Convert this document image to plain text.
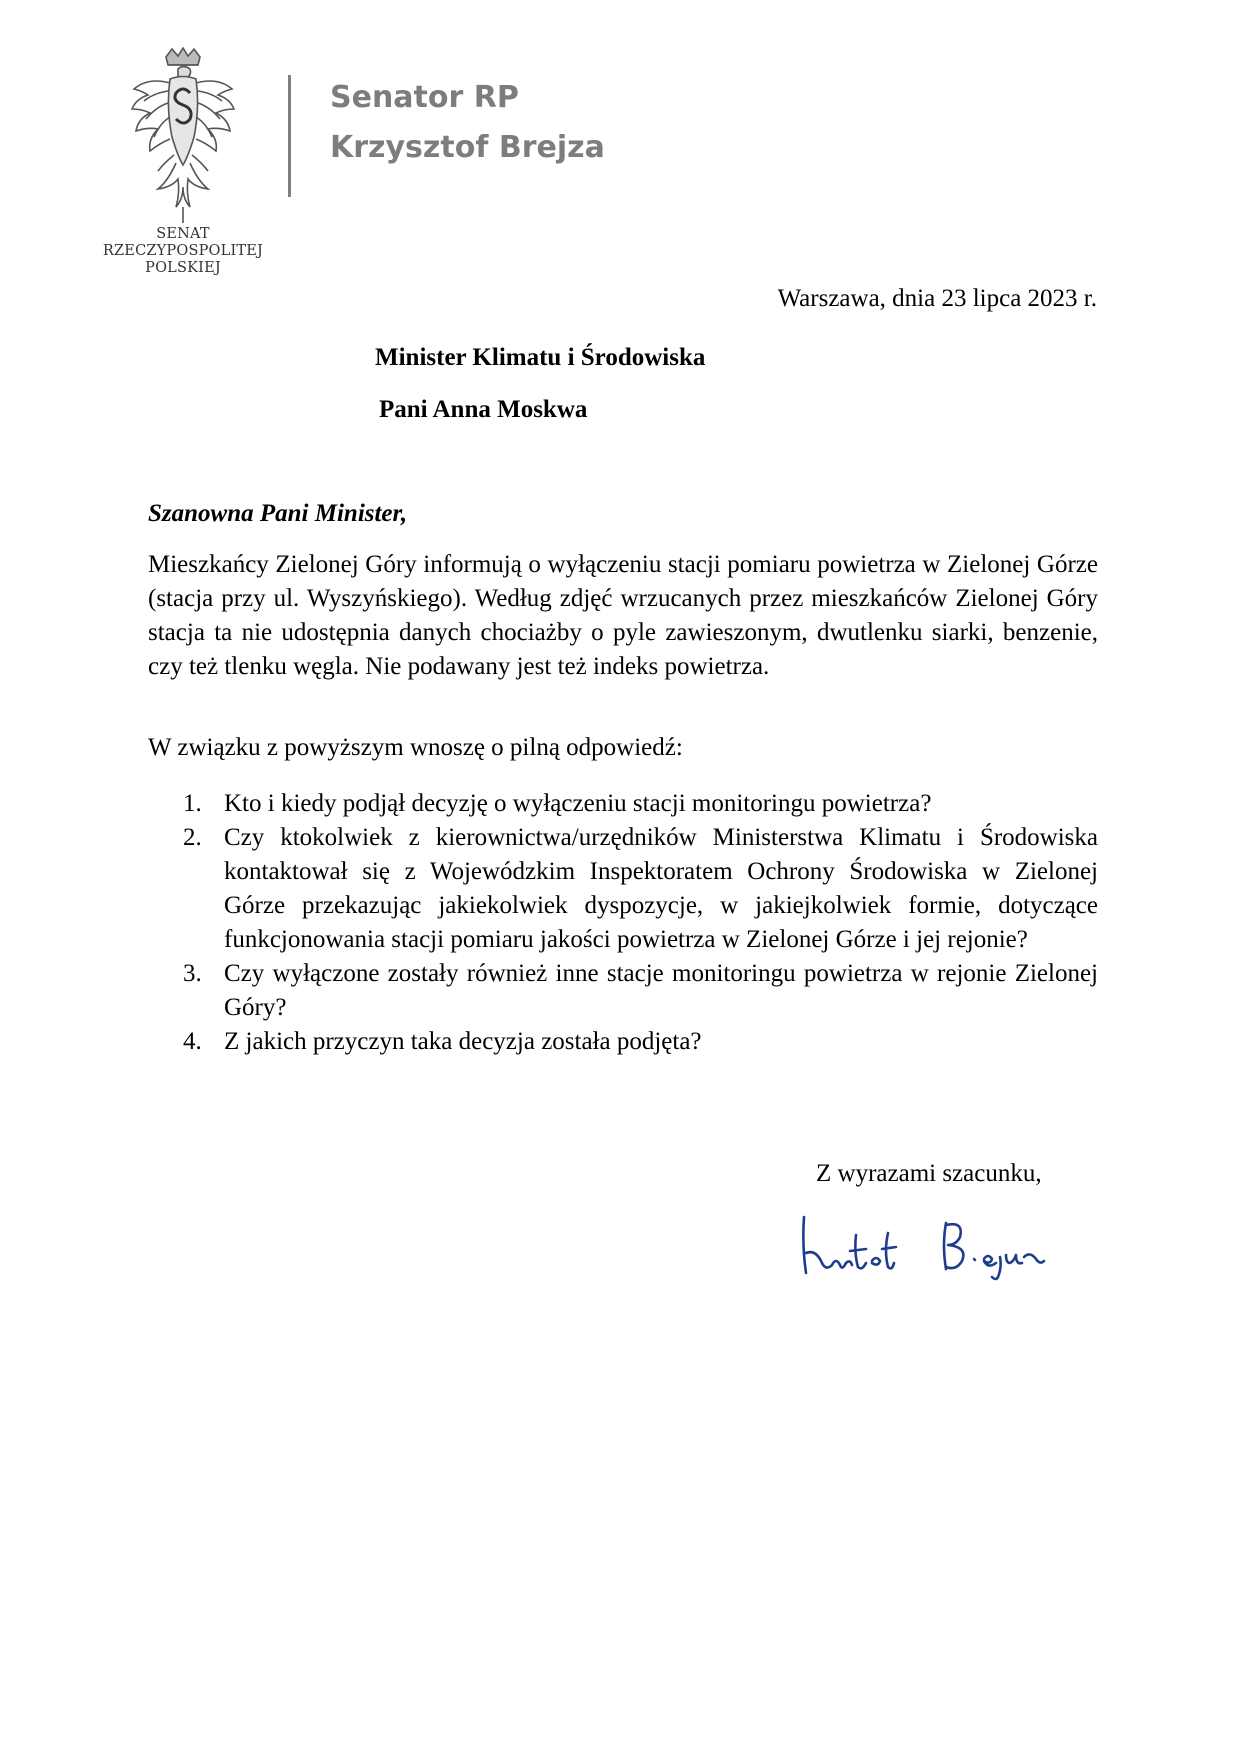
SENAT
RZECZYPOSPOLITEJ
POLSKIEJ
Senator RP
Krzysztof Brejza
Warszawa, dnia 23 lipca 2023 r.
Minister Klimatu i Środowiska
Pani Anna Moskwa
Szanowna Pani Minister,

Mieszkańcy Zielonej Góry informują o wyłączeniu stacji pomiaru powietrza w Zielonej Górze (stacja przy ul. Wyszyńskiego). Według zdjęć wrzucanych przez mieszkańców Zielonej Góry stacja ta nie udostępnia danych chociażby o pyle zawieszonym, dwutlenku siarki, benzenie, czy też tlenku węgla. Nie podawany jest też indeks powietrza.

W związku z powyższym wnoszę o pilną odpowiedź:

1. Kto i kiedy podjął decyzję o wyłączeniu stacji monitoringu powietrza?
2. Czy ktokolwiek z kierownictwa/urzędników Ministerstwa Klimatu i Środowiska kontaktował się z Wojewódzkim Inspektoratem Ochrony Środowiska w Zielonej Górze przekazując jakiekolwiek dyspozycje, w jakiejkolwiek formie, dotyczące funkcjonowania stacji pomiaru jakości powietrza w Zielonej Górze i jej rejonie?
3. Czy wyłączone zostały również inne stacje monitoringu powietrza w rejonie Zielonej Góry?
4. Z jakich przyczyn taka decyzja została podjęta?
Z wyrazami szacunku,
